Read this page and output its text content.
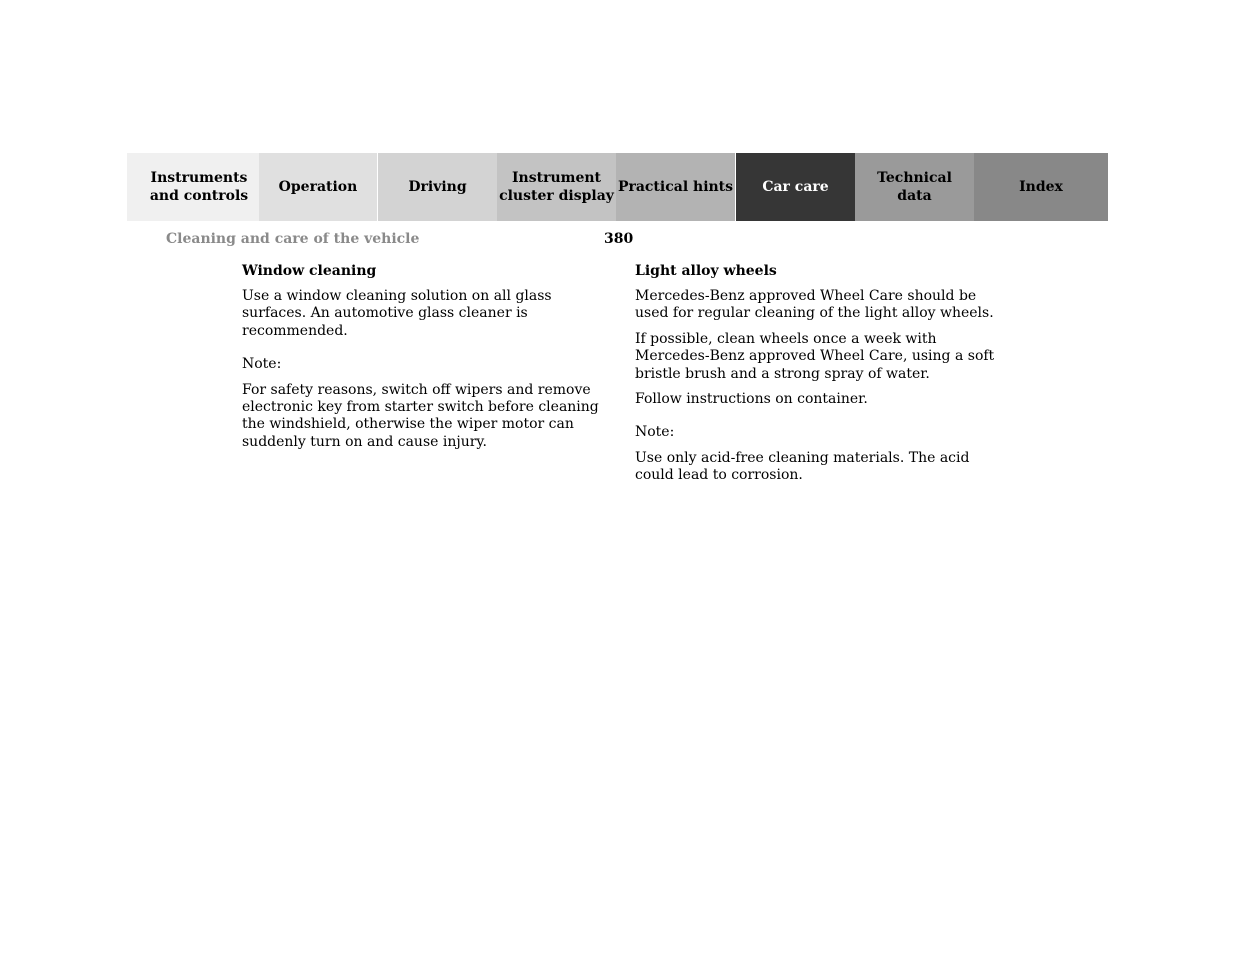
Instruments
and controls
Operation	Driving
Instrument
cluster display
Practical hints	Car care
Technical
data
Index
Cleaning and care of the vehicle	380
Window cleaning

Use a window cleaning solution on all glass surfaces. An automotive glass cleaner is recommended.

Note:

For safety reasons, switch off wipers and remove electronic key from starter switch before cleaning the windshield, otherwise the wiper motor can suddenly turn on and cause injury.

Light alloy wheels

Mercedes-Benz approved Wheel Care should be used for regular cleaning of the light alloy wheels.

If possible, clean wheels once a week with Mercedes-Benz approved Wheel Care, using a soft bristle brush and a strong spray of water.

Follow instructions on container.

Note:

Use only acid-free cleaning materials. The acid could lead to corrosion.
